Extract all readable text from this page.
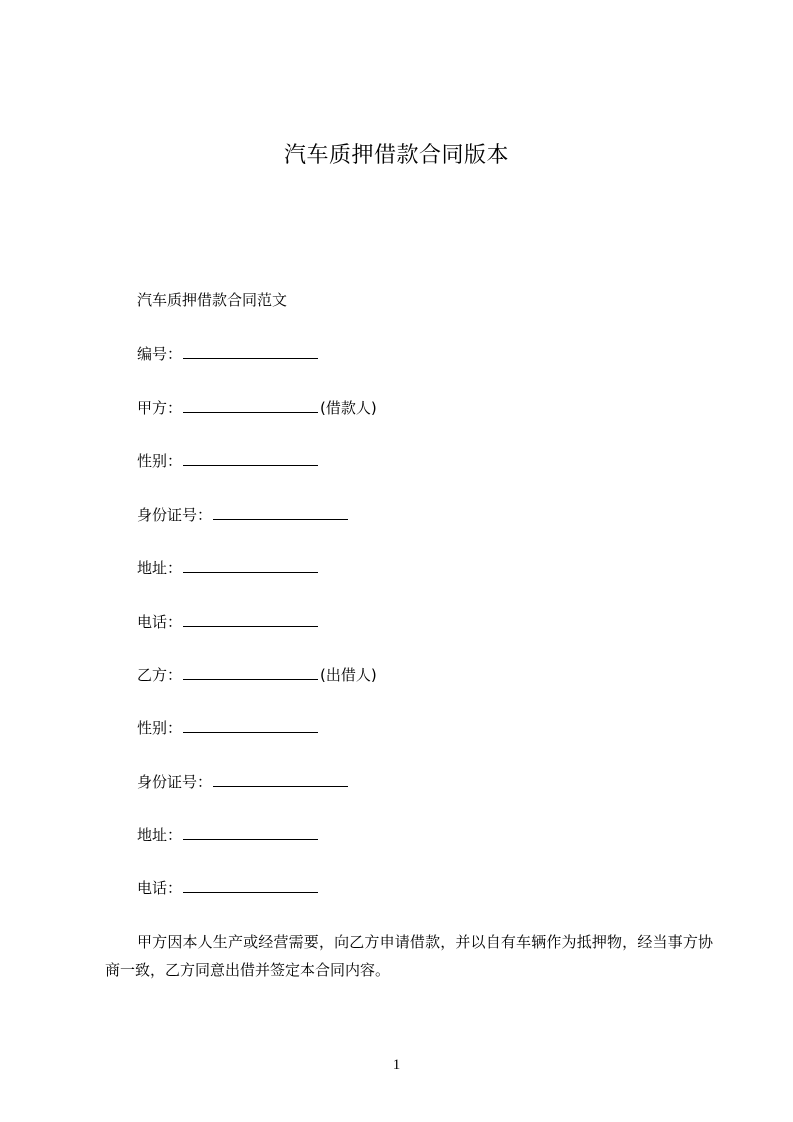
汽车质押借款合同版本
汽车质押借款合同范文
编号：
甲方：	(借款人)
性别：
身份证号：
地址：
电话：
乙方：	(出借人)
性别：
身份证号：
地址：
电话：
甲方因本人生产或经营需要，向乙方申请借款，并以自有车辆作为抵押物，经当事方协商一致，乙方同意出借并签定本合同内容。
1
